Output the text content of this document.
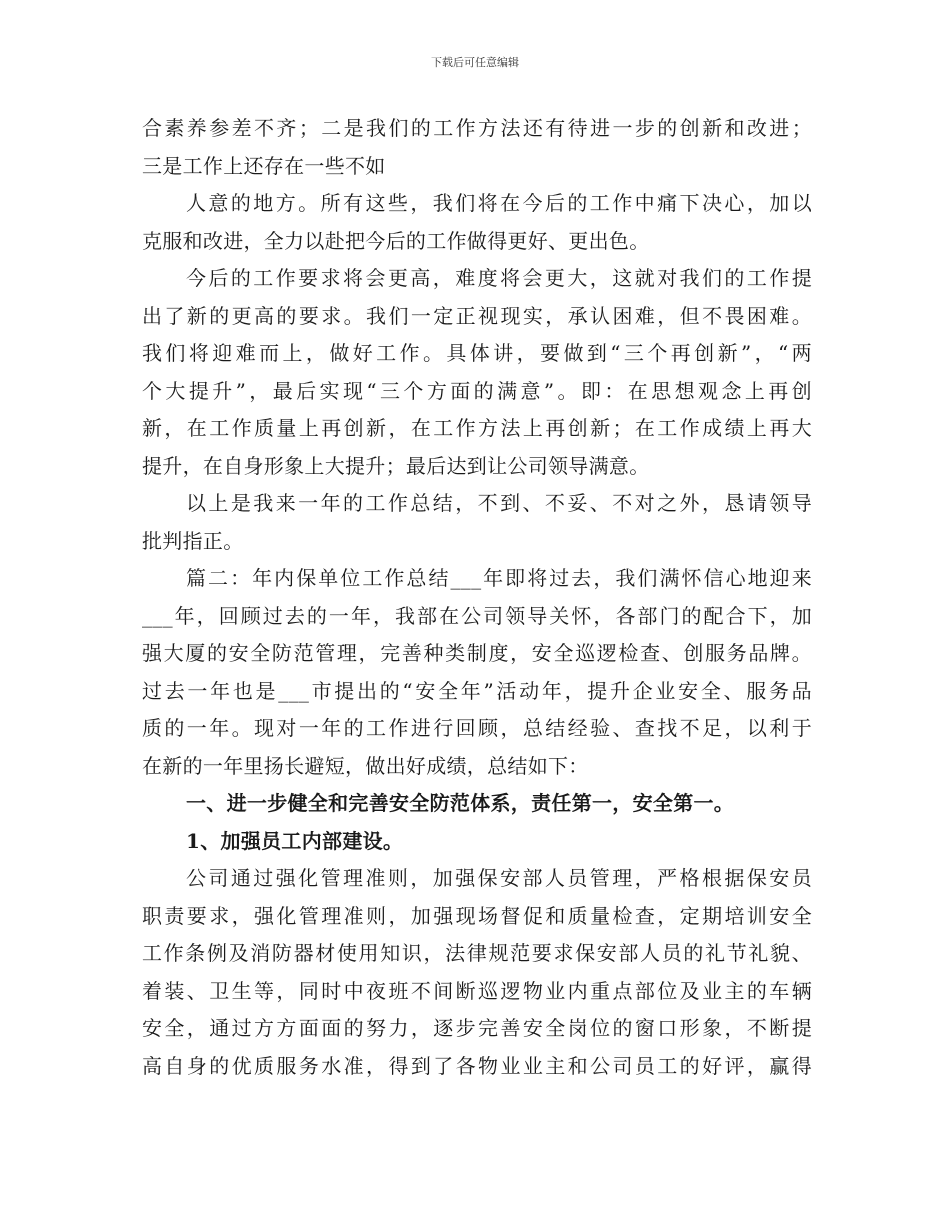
下载后可任意编辑
合素养参差不齐；二是我们的工作方法还有待进一步的创新和改进；
三是工作上还存在一些不如
人意的地方。所有这些，我们将在今后的工作中痛下决心，加以
克服和改进，全力以赴把今后的工作做得更好、更出色。
今后的工作要求将会更高，难度将会更大，这就对我们的工作提
出了新的更高的要求。我们一定正视现实，承认困难，但不畏困难。
我们将迎难而上，做好工作。具体讲，要做到“三个再创新”，“两
个大提升”，最后实现“三个方面的满意”。即：在思想观念上再创
新，在工作质量上再创新，在工作方法上再创新；在工作成绩上再大
提升，在自身形象上大提升；最后达到让公司领导满意。
以上是我来一年的工作总结，不到、不妥、不对之外，恳请领导
批判指正。
篇二：年内保单位工作总结___年即将过去，我们满怀信心地迎来
___年，回顾过去的一年，我部在公司领导关怀，各部门的配合下，加
强大厦的安全防范管理，完善种类制度，安全巡逻检查、创服务品牌。
过去一年也是___市提出的“安全年”活动年，提升企业安全、服务品
质的一年。现对一年的工作进行回顾，总结经验、查找不足，以利于
在新的一年里扬长避短，做出好成绩，总结如下：
一、进一步健全和完善安全防范体系，责任第一，安全第一。
1、加强员工内部建设。
公司通过强化管理准则，加强保安部人员管理，严格根据保安员
职责要求，强化管理准则，加强现场督促和质量检查，定期培训安全
工作条例及消防器材使用知识，法律规范要求保安部人员的礼节礼貌、
着装、卫生等，同时中夜班不间断巡逻物业内重点部位及业主的车辆
安全，通过方方面面的努力，逐步完善安全岗位的窗口形象，不断提
高自身的优质服务水准，得到了各物业业主和公司员工的好评，赢得
